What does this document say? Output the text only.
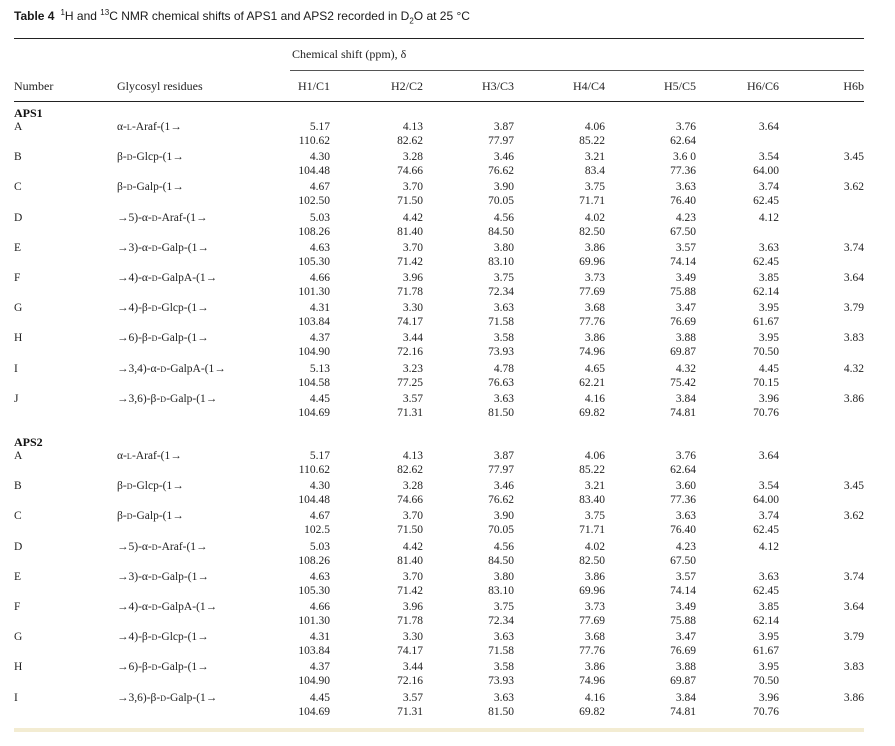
Table 4 $^1$H and $^{13}$C NMR chemical shifts of APS1 and APS2 recorded in $D_2O$ at 25 °C
Chemical shift (ppm), δ
Number	Glycosyl residues	H1/C1	H2/C2	H3/C3	H4/C4	H5/C5	H6/C6	H6b
APS1
A	α-L-Araf-(1→	5.17	4.13	3.87	4.06	3.76	3.64
110.62	82.62	77.97	85.22	62.64
B	β-D-Glcp-(1→	4.30	3.28	3.46	3.21	3.6 0	3.54	3.45
104.48	74.66	76.62	83.4	77.36	64.00
C	β-D-Galp-(1→	4.67	3.70	3.90	3.75	3.63	3.74	3.62
102.50	71.50	70.05	71.71	76.40	62.45
D	→5)-α-D-Araf-(1→	5.03	4.42	4.56	4.02	4.23	4.12
108.26	81.40	84.50	82.50	67.50
E	→3)-α-D-Galp-(1→	4.63	3.70	3.80	3.86	3.57	3.63	3.74
105.30	71.42	83.10	69.96	74.14	62.45
F	→4)-α-D-GalpA-(1→	4.66	3.96	3.75	3.73	3.49	3.85	3.64
101.30	71.78	72.34	77.69	75.88	62.14
G	→4)-β-D-Glcp-(1→	4.31	3.30	3.63	3.68	3.47	3.95	3.79
103.84	74.17	71.58	77.76	76.69	61.67
H	→6)-β-D-Galp-(1→	4.37	3.44	3.58	3.86	3.88	3.95	3.83
104.90	72.16	73.93	74.96	69.87	70.50
I	→3,4)-α-D-GalpA-(1→	5.13	3.23	4.78	4.65	4.32	4.45	4.32
104.58	77.25	76.63	62.21	75.42	70.15
J	→3,6)-β-D-Galp-(1→	4.45	3.57	3.63	4.16	3.84	3.96	3.86
104.69	71.31	81.50	69.82	74.81	70.76
APS2
A	α-L-Araf-(1→	5.17	4.13	3.87	4.06	3.76	3.64
110.62	82.62	77.97	85.22	62.64
B	β-D-Glcp-(1→	4.30	3.28	3.46	3.21	3.60	3.54	3.45
104.48	74.66	76.62	83.40	77.36	64.00
C	β-D-Galp-(1→	4.67	3.70	3.90	3.75	3.63	3.74	3.62
102.5	71.50	70.05	71.71	76.40	62.45
D	→5)-α-D-Araf-(1→	5.03	4.42	4.56	4.02	4.23	4.12
108.26	81.40	84.50	82.50	67.50
E	→3)-α-D-Galp-(1→	4.63	3.70	3.80	3.86	3.57	3.63	3.74
105.30	71.42	83.10	69.96	74.14	62.45
F	→4)-α-D-GalpA-(1→	4.66	3.96	3.75	3.73	3.49	3.85	3.64
101.30	71.78	72.34	77.69	75.88	62.14
G	→4)-β-D-Glcp-(1→	4.31	3.30	3.63	3.68	3.47	3.95	3.79
103.84	74.17	71.58	77.76	76.69	61.67
H	→6)-β-D-Galp-(1→	4.37	3.44	3.58	3.86	3.88	3.95	3.83
104.90	72.16	73.93	74.96	69.87	70.50
I	→3,6)-β-D-Galp-(1→	4.45	3.57	3.63	4.16	3.84	3.96	3.86
104.69	71.31	81.50	69.82	74.81	70.76
